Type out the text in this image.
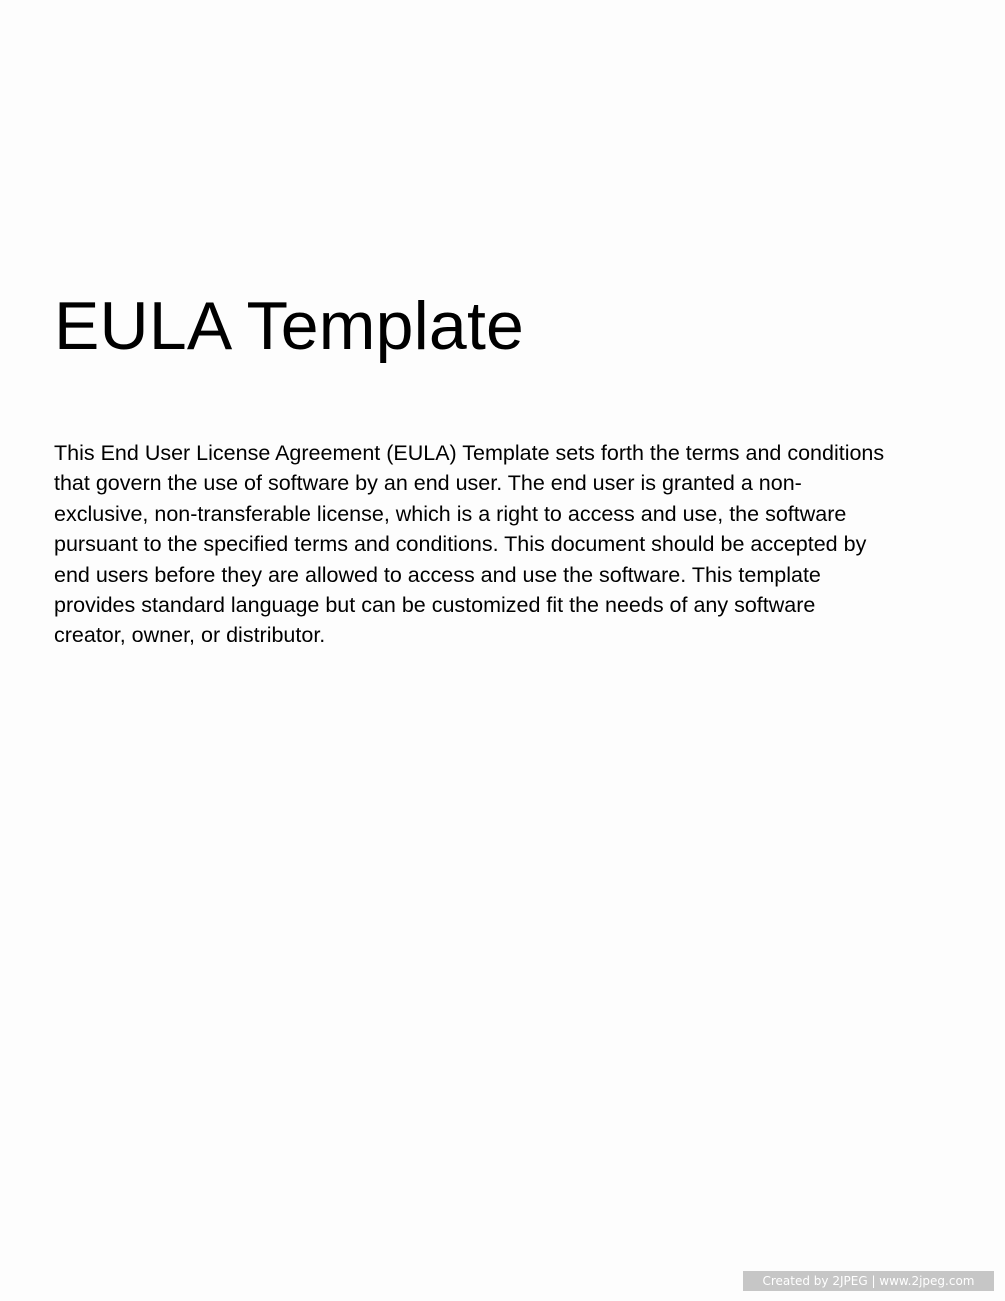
EULA Template

This End User License Agreement (EULA) Template sets forth the terms and conditions
that govern the use of software by an end user. The end user is granted a non-
exclusive, non-transferable license, which is a right to access and use, the software
pursuant to the specified terms and conditions. This document should be accepted by
end users before they are allowed to access and use the software. This template
provides standard language but can be customized fit the needs of any software
creator, owner, or distributor.

Created by 2JPEG | www.2jpeg.com
